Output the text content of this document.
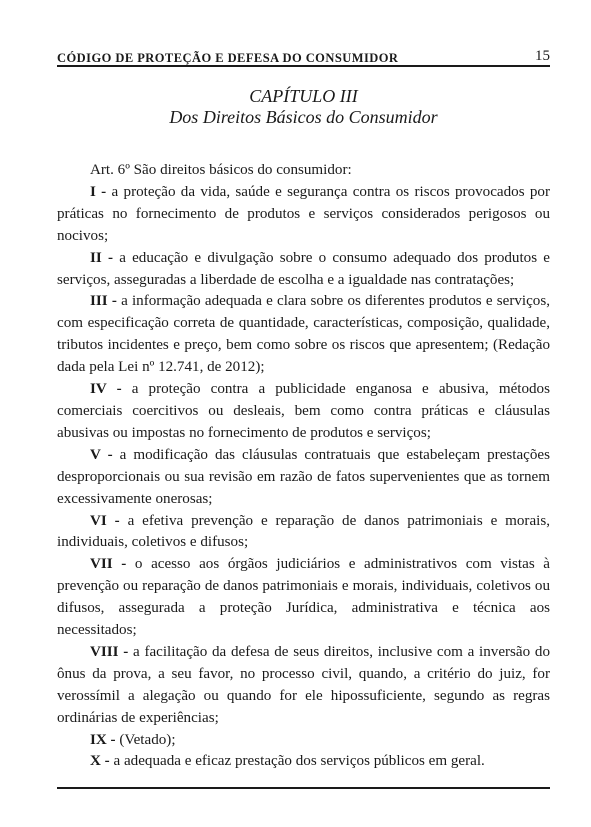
CÓDIGO DE PROTEÇÃO E DEFESA DO CONSUMIDOR	15
CAPÍTULO III
Dos Direitos Básicos do Consumidor

Art. 6º São direitos básicos do consumidor:

I - a proteção da vida, saúde e segurança contra os riscos provocados por práticas no fornecimento de produtos e serviços considerados perigosos ou nocivos;

II - a educação e divulgação sobre o consumo adequado dos produtos e serviços, asseguradas a liberdade de escolha e a igualdade nas contratações;

III - a informação adequada e clara sobre os diferentes produtos e serviços, com especificação correta de quantidade, características, composição, qualidade, tributos incidentes e preço, bem como sobre os riscos que apresentem; (Redação dada pela Lei nº 12.741, de 2012);

IV - a proteção contra a publicidade enganosa e abusiva, métodos comerciais coercitivos ou desleais, bem como contra práticas e cláusulas abusivas ou impostas no fornecimento de produtos e serviços;

V - a modificação das cláusulas contratuais que estabeleçam prestações desproporcionais ou sua revisão em razão de fatos supervenientes que as tornem excessivamente onerosas;

VI - a efetiva prevenção e reparação de danos patrimoniais e morais, individuais, coletivos e difusos;

VII - o acesso aos órgãos judiciários e administrativos com vistas à prevenção ou reparação de danos patrimoniais e morais, individuais, coletivos ou difusos, assegurada a proteção Jurídica, administrativa e técnica aos necessitados;

VIII - a facilitação da defesa de seus direitos, inclusive com a inversão do ônus da prova, a seu favor, no processo civil, quando, a critério do juiz, for verossímil a alegação ou quando for ele hipossuficiente, segundo as regras ordinárias de experiências;

IX - (Vetado);

X - a adequada e eficaz prestação dos serviços públicos em geral.
